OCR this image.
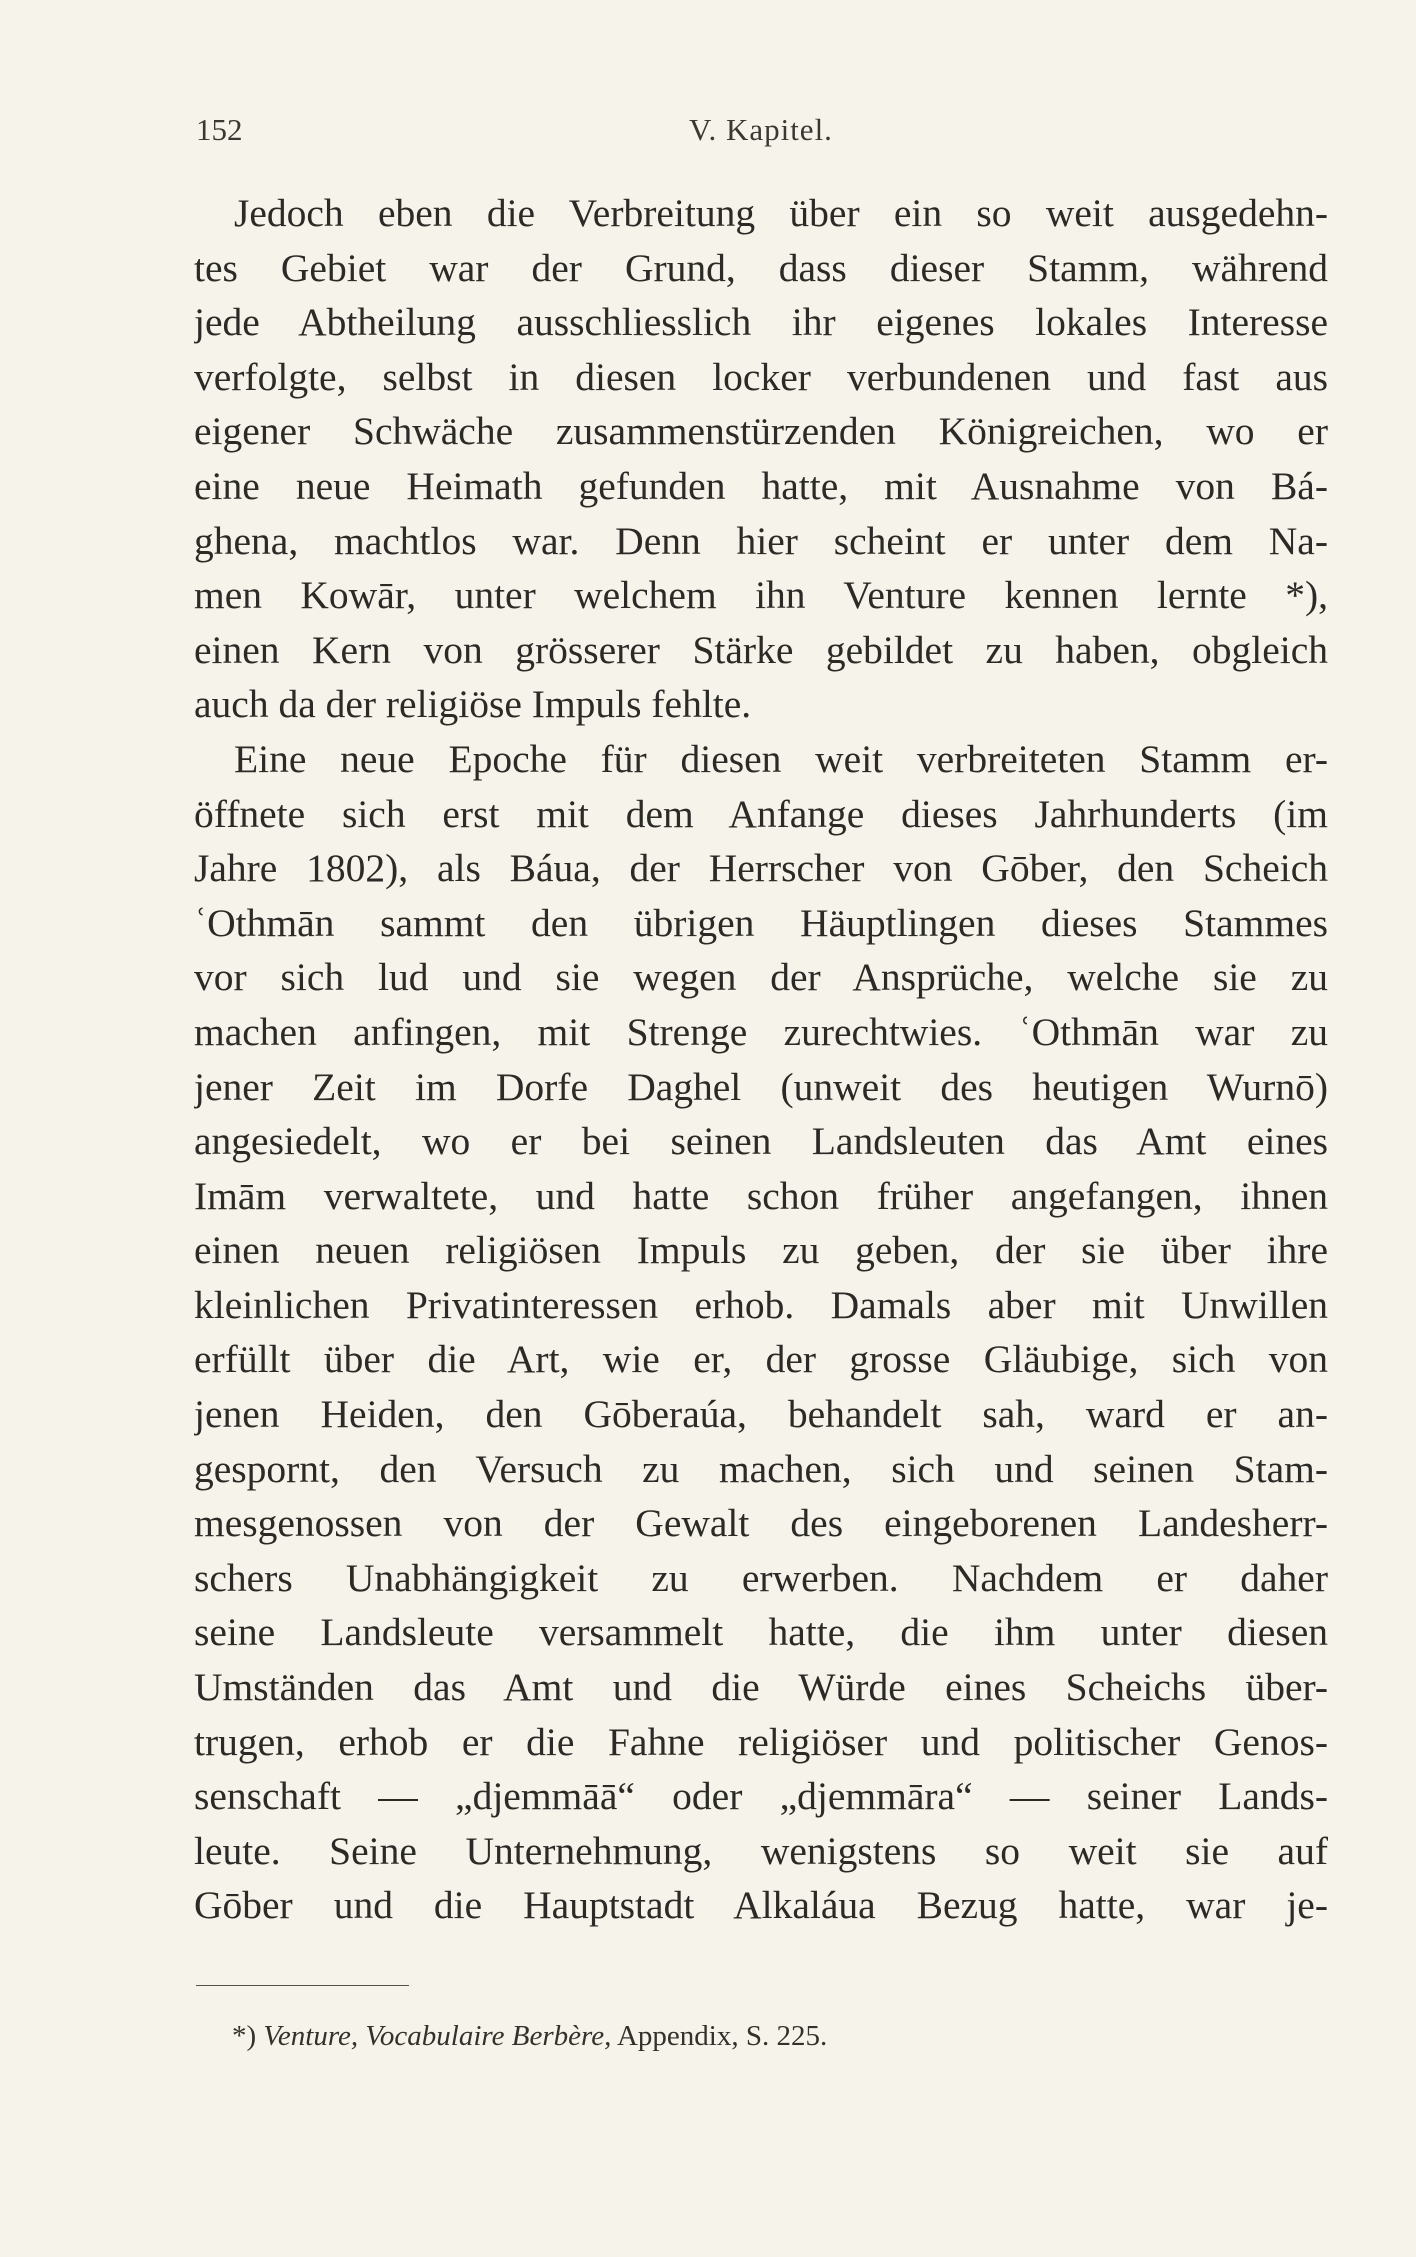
152	V. Kapitel.
Jedoch eben die Verbreitung über ein so weit ausgedehn-
tes Gebiet war der Grund, dass dieser Stamm, während
jede Abtheilung ausschliesslich ihr eigenes lokales Interesse
verfolgte, selbst in diesen locker verbundenen und fast aus
eigener Schwäche zusammenstürzenden Königreichen, wo er
eine neue Heimath gefunden hatte, mit Ausnahme von Bá-
ghena, machtlos war. Denn hier scheint er unter dem Na-
men Kowār, unter welchem ihn Venture kennen lernte *),
einen Kern von grösserer Stärke gebildet zu haben, obgleich
auch da der religiöse Impuls fehlte.
Eine neue Epoche für diesen weit verbreiteten Stamm er-
öffnete sich erst mit dem Anfange dieses Jahrhunderts (im
Jahre 1802), als Báua, der Herrscher von Gōber, den Scheich
ʿOthmān sammt den übrigen Häuptlingen dieses Stammes
vor sich lud und sie wegen der Ansprüche, welche sie zu
machen anfingen, mit Strenge zurechtwies. ʿOthmān war zu
jener Zeit im Dorfe Daghel (unweit des heutigen Wurnō)
angesiedelt, wo er bei seinen Landsleuten das Amt eines
Imām verwaltete, und hatte schon früher angefangen, ihnen
einen neuen religiösen Impuls zu geben, der sie über ihre
kleinlichen Privatinteressen erhob. Damals aber mit Unwillen
erfüllt über die Art, wie er, der grosse Gläubige, sich von
jenen Heiden, den Gōberaúa, behandelt sah, ward er an-
gespornt, den Versuch zu machen, sich und seinen Stam-
mesgenossen von der Gewalt des eingeborenen Landesherr-
schers Unabhängigkeit zu erwerben. Nachdem er daher
seine Landsleute versammelt hatte, die ihm unter diesen
Umständen das Amt und die Würde eines Scheichs über-
trugen, erhob er die Fahne religiöser und politischer Genos-
senschaft — „djemmāā“ oder „djemmāra“ — seiner Lands-
leute. Seine Unternehmung, wenigstens so weit sie auf
Gōber und die Hauptstadt Alkaláua Bezug hatte, war je-
*) Venture, Vocabulaire Berbère, Appendix, S. 225.
